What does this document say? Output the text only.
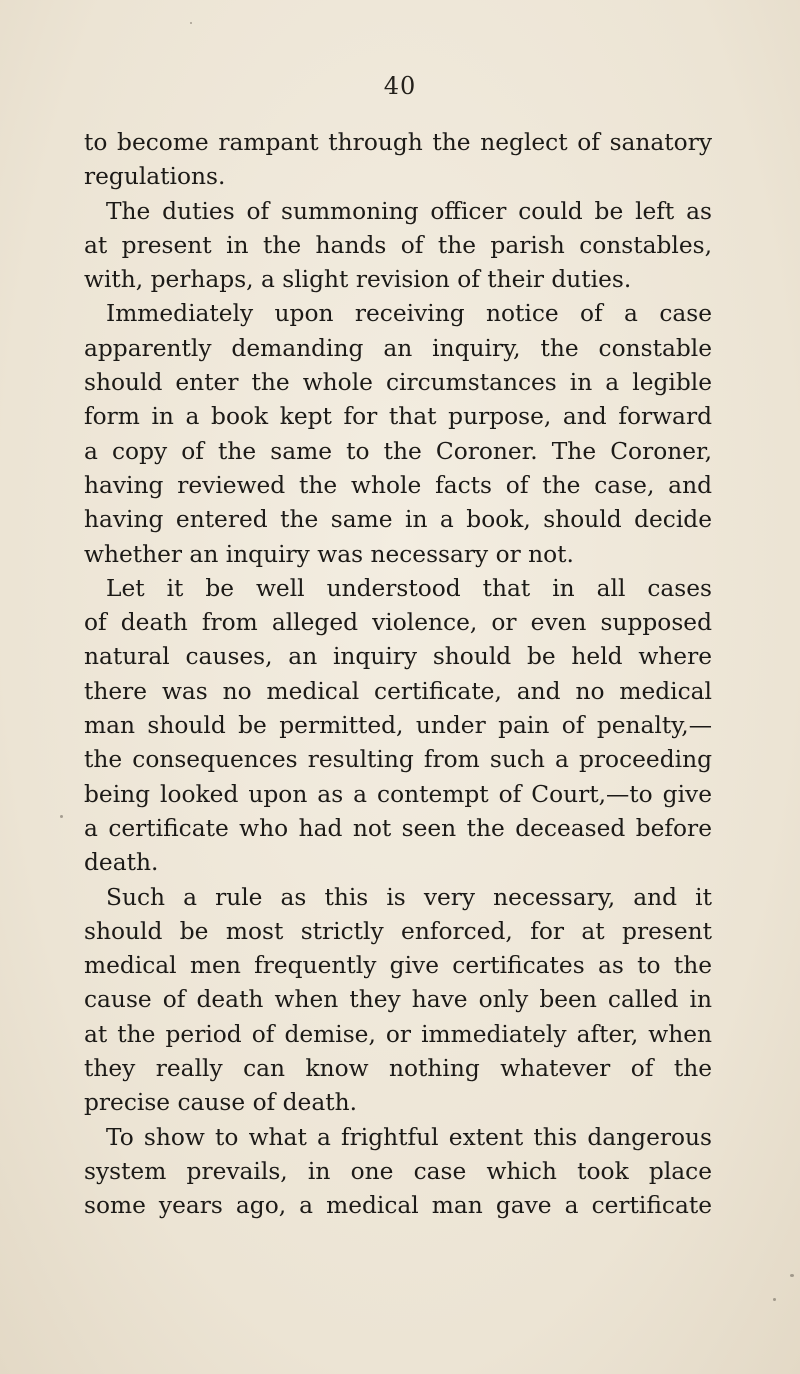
40
to become rampant through the neglect of sanatory
regulations.
The duties of summoning officer could be left as
at present in the hands of the parish constables,
with, perhaps, a slight revision of their duties.
Immediately upon receiving notice of a case
apparently demanding an inquiry, the constable
should enter the whole circumstances in a legible
form in a book kept for that purpose, and forward
a copy of the same to the Coroner. The Coroner,
having reviewed the whole facts of the case, and
having entered the same in a book, should decide
whether an inquiry was necessary or not.
Let it be well understood that in all cases
of death from alleged violence, or even supposed
natural causes, an inquiry should be held where
there was no medical certificate, and no medical
man should be permitted, under pain of penalty,—
the consequences resulting from such a proceeding
being looked upon as a contempt of Court,—to give
a certificate who had not seen the deceased before
death.
Such a rule as this is very necessary, and it
should be most strictly enforced, for at present
medical men frequently give certificates as to the
cause of death when they have only been called in
at the period of demise, or immediately after, when
they really can know nothing whatever of the
precise cause of death.
To show to what a frightful extent this dangerous
system prevails, in one case which took place
some years ago, a medical man gave a certificate
